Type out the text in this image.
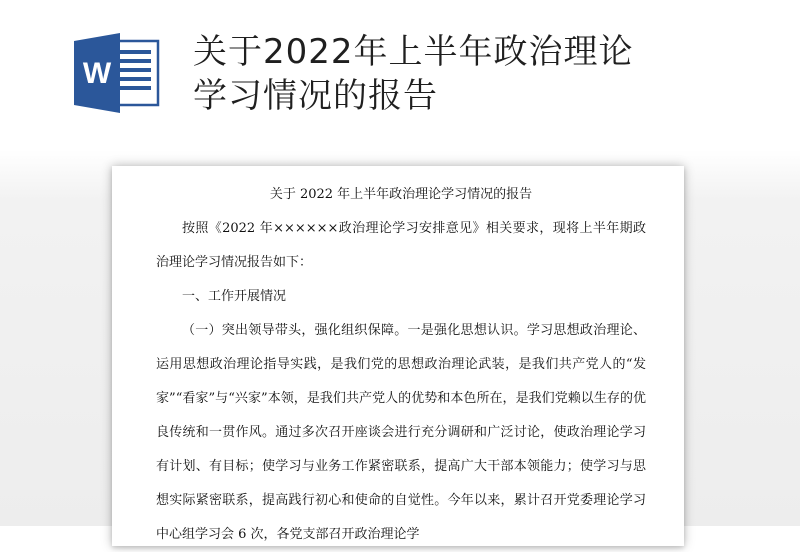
W
关于2022年上半年政治理论
学习情况的报告

关于 2022 年上半年政治理论学习情况的报告

按照《2022 年××××××政治理论学习安排意见》相关要求，现将上半年期政治理论学习情况报告如下：

一、工作开展情况

（一）突出领导带头，强化组织保障。一是强化思想认识。学习思想政治理论、运用思想政治理论指导实践，是我们党的思想政治理论武装，是我们共产党人的“发家”“看家”与“兴家”本领，是我们共产党人的优势和本色所在，是我们党赖以生存的优良传统和一贯作风。通过多次召开座谈会进行充分调研和广泛讨论，使政治理论学习有计划、有目标；使学习与业务工作紧密联系，提高广大干部本领能力；使学习与思想实际紧密联系，提高践行初心和使命的自觉性。今年以来，累计召开党委理论学习中心组学习会 6 次，各党支部召开政治理论学
